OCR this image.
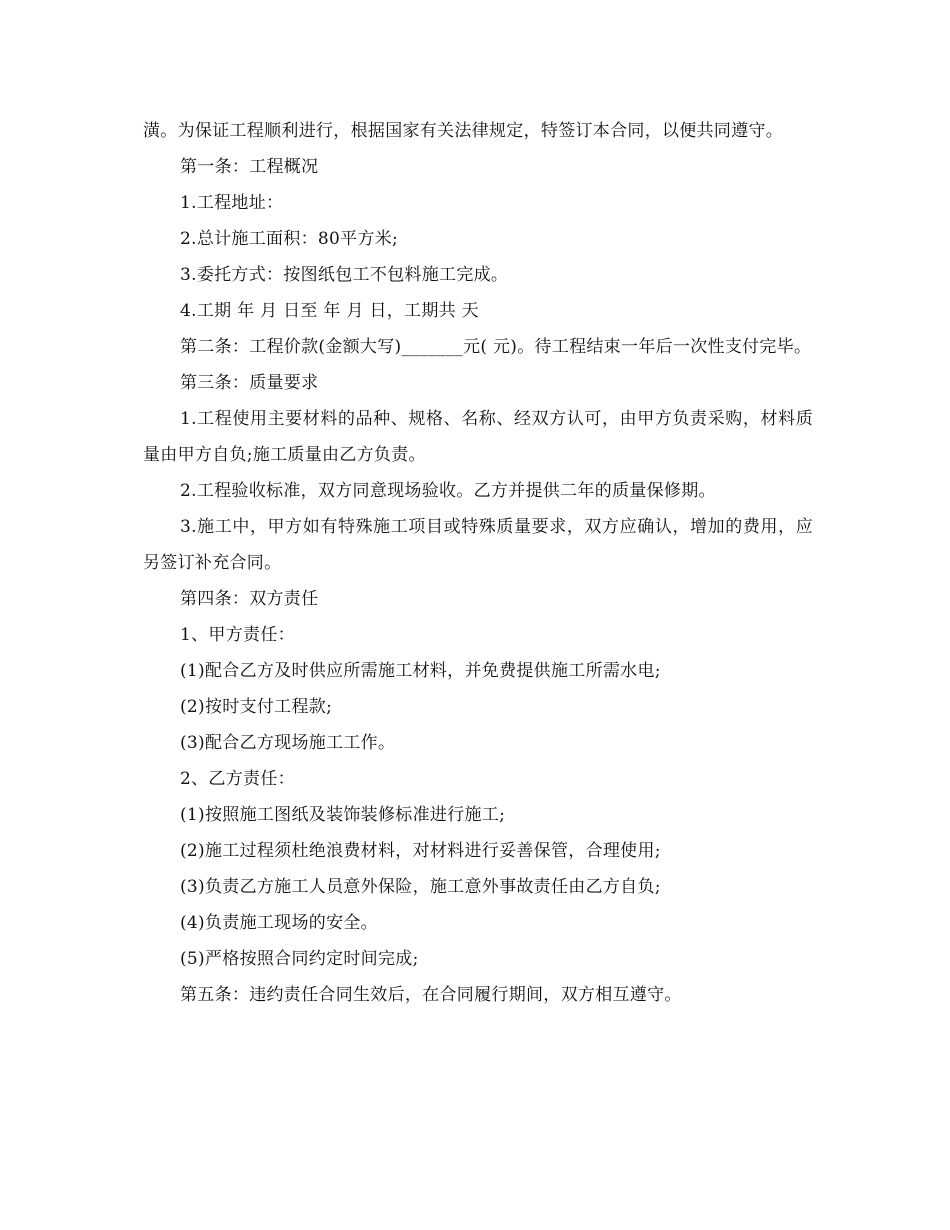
潢。为保证工程顺利进行，根据国家有关法律规定，特签订本合同，以便共同遵守。

第一条：工程概况

1.工程地址：

2.总计施工面积：80平方米;

3.委托方式：按图纸包工不包料施工完成。

4.工期 年 月 日至 年 月 日，工期共 天

第二条：工程价款(金额大写)_______元( 元)。待工程结束一年后一次性支付完毕。

第三条：质量要求

1.工程使用主要材料的品种、规格、名称、经双方认可，由甲方负责采购，材料质量由甲方自负;施工质量由乙方负责。

2.工程验收标准，双方同意现场验收。乙方并提供二年的质量保修期。

3.施工中，甲方如有特殊施工项目或特殊质量要求，双方应确认，增加的费用，应另签订补充合同。

第四条：双方责任

1、甲方责任：

(1)配合乙方及时供应所需施工材料，并免费提供施工所需水电;

(2)按时支付工程款;

(3)配合乙方现场施工工作。

2、乙方责任：

(1)按照施工图纸及装饰装修标准进行施工;

(2)施工过程须杜绝浪费材料，对材料进行妥善保管，合理使用;

(3)负责乙方施工人员意外保险，施工意外事故责任由乙方自负;

(4)负责施工现场的安全。

(5)严格按照合同约定时间完成;

第五条：违约责任合同生效后，在合同履行期间，双方相互遵守。
